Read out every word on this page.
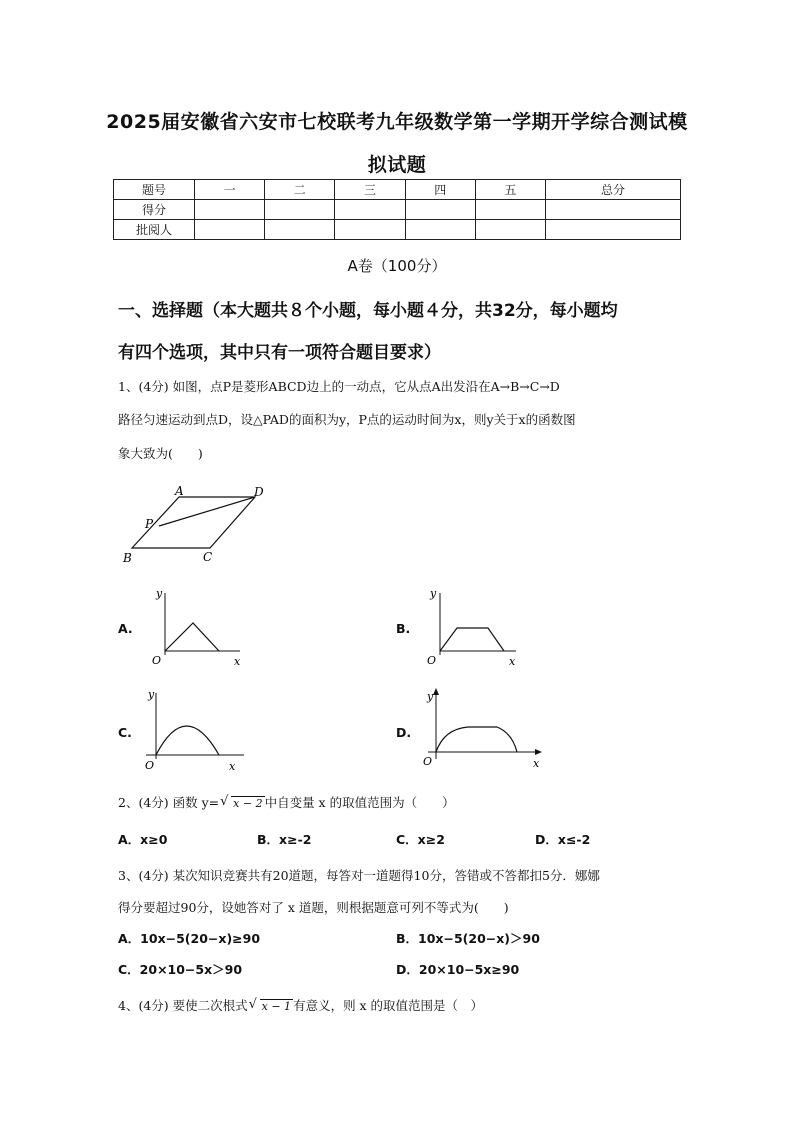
2025届安徽省六安市七校联考九年级数学第一学期开学综合测试模
拟试题
题号	一	二	三	四	五	总分
得分						
批阅人						
A卷（100分）
一、选择题（本大题共８个小题，每小题４分，共32分，每小题均
有四个选项，其中只有一项符合题目要求）
1、(4分) 如图，点P是菱形ABCD边上的一动点，它从点A出发沿在A→B→C→D
路径匀速运动到点D，设△PAD的面积为y，P点的运动时间为x，则y关于x的函数图
象大致为(　　)
A	D
P
B	C
A.
y
x
O
B.
y
x
O
C.
y
x
O
D.
y
x
O
2、(4分) 函数 y= √ x − 2 中自变量 x 的取值范围为（　　）
A．x≥0	B．x≥-2	C．x≥2	D．x≤-2
3、(4分) 某次知识竞赛共有20道题，每答对一道题得10分，答错或不答都扣5分．娜娜
得分要超过90分，设她答对了 x 道题，则根据题意可列不等式为(　　)
A．10x−5(20−x)≥90	B．10x−5(20−x)＞90
C．20×10−5x＞90	D．20×10−5x≥90
4、(4分) 要使二次根式 √ x − 1 有意义，则 x 的取值范围是（　）
